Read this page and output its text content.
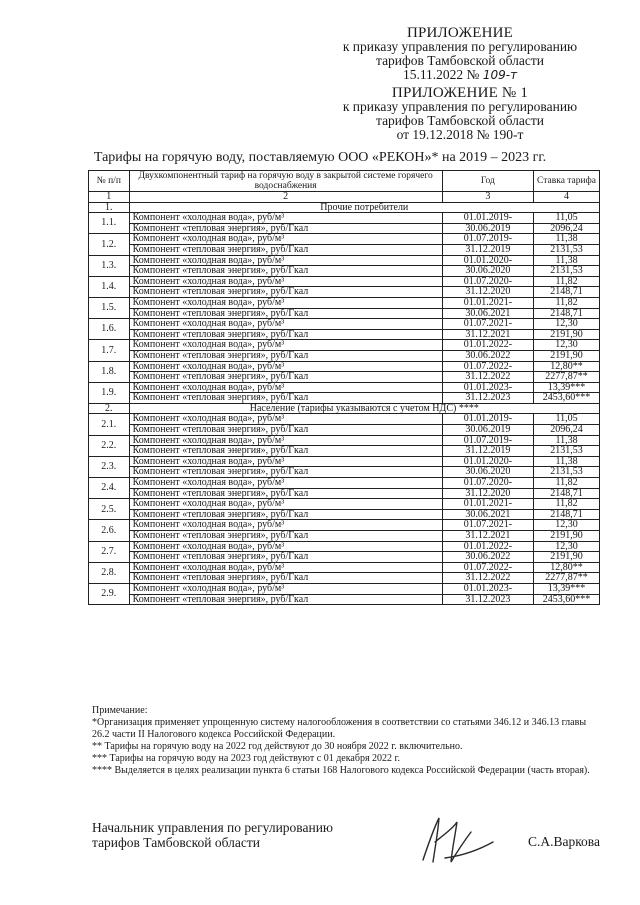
ПРИЛОЖЕНИЕ
к приказу управления по регулированию
тарифов Тамбовской области
15.11.2022 № 109-т
ПРИЛОЖЕНИЕ № 1
к приказу управления по регулированию
тарифов Тамбовской области
от 19.12.2018 № 190-т
Тарифы на горячую воду, поставляемую ООО «РЕКОН»* на 2019 – 2023 гг.
№ п/п	Двухкомпонентный тариф на горячую воду в закрытой системе горячего водоснабжения	Год	Ставка тарифа
1	2	3	4
1.	Прочие потребители		
1.1.	Компонент «холодная вода», руб/м³	01.01.2019-	11,05
	Компонент «тепловая энергия», руб/Гкал	30.06.2019	2096,24
1.2.	Компонент «холодная вода», руб/м³	01.07.2019-	11,38
	Компонент «тепловая энергия», руб/Гкал	31.12.2019	2131,53
1.3.	Компонент «холодная вода», руб/м³	01.01.2020-	11,38
	Компонент «тепловая энергия», руб/Гкал	30.06.2020	2131,53
1.4.	Компонент «холодная вода», руб/м³	01.07.2020-	11,82
	Компонент «тепловая энергия», руб/Гкал	31.12.2020	2148,71
1.5.	Компонент «холодная вода», руб/м³	01.01.2021-	11,82
	Компонент «тепловая энергия», руб/Гкал	30.06.2021	2148,71
1.6.	Компонент «холодная вода», руб/м³	01.07.2021-	12,30
	Компонент «тепловая энергия», руб/Гкал	31.12.2021	2191,90
1.7.	Компонент «холодная вода», руб/м³	01.01.2022-	12,30
	Компонент «тепловая энергия», руб/Гкал	30.06.2022	2191,90
1.8.	Компонент «холодная вода», руб/м³	01.07.2022-	12,80**
	Компонент «тепловая энергия», руб/Гкал	31.12.2022	2277,87**
1.9.	Компонент «холодная вода», руб/м³	01.01.2023-	13,39***
	Компонент «тепловая энергия», руб/Гкал	31.12.2023	2453,60***
2.	Население (тарифы указываются с учетом НДС) ****		
2.1.	Компонент «холодная вода», руб/м³	01.01.2019-	11,05
	Компонент «тепловая энергия», руб/Гкал	30.06.2019	2096,24
2.2.	Компонент «холодная вода», руб/м³	01.07.2019-	11,38
	Компонент «тепловая энергия», руб/Гкал	31.12.2019	2131,53
2.3.	Компонент «холодная вода», руб/м³	01.01.2020-	11,38
	Компонент «тепловая энергия», руб/Гкал	30.06.2020	2131,53
2.4.	Компонент «холодная вода», руб/м³	01.07.2020-	11,82
	Компонент «тепловая энергия», руб/Гкал	31.12.2020	2148,71
2.5.	Компонент «холодная вода», руб/м³	01.01.2021-	11,82
	Компонент «тепловая энергия», руб/Гкал	30.06.2021	2148,71
2.6.	Компонент «холодная вода», руб/м³	01.07.2021-	12,30
	Компонент «тепловая энергия», руб/Гкал	31.12.2021	2191,90
2.7.	Компонент «холодная вода», руб/м³	01.01.2022-	12,30
	Компонент «тепловая энергия», руб/Гкал	30.06.2022	2191,90
2.8.	Компонент «холодная вода», руб/м³	01.07.2022-	12,80**
	Компонент «тепловая энергия», руб/Гкал	31.12.2022	2277,87**
2.9.	Компонент «холодная вода», руб/м³	01.01.2023-	13,39***
	Компонент «тепловая энергия», руб/Гкал	31.12.2023	2453,60***

Примечание:

*Организация применяет упрощенную систему налогообложения в соответствии со статьями 346.12 и 346.13 главы 26.2 части II Налогового кодекса Российской Федерации.

** Тарифы на горячую воду на 2022 год действуют до 30 ноября 2022 г. включительно.

*** Тарифы на горячую воду на 2023 год действуют с 01 декабря 2022 г.

**** Выделяется в целях реализации пункта 6 статьи 168 Налогового кодекса Российской Федерации (часть вторая).

Начальник управления по регулированию
тарифов Тамбовской области	С.А.Варкова
